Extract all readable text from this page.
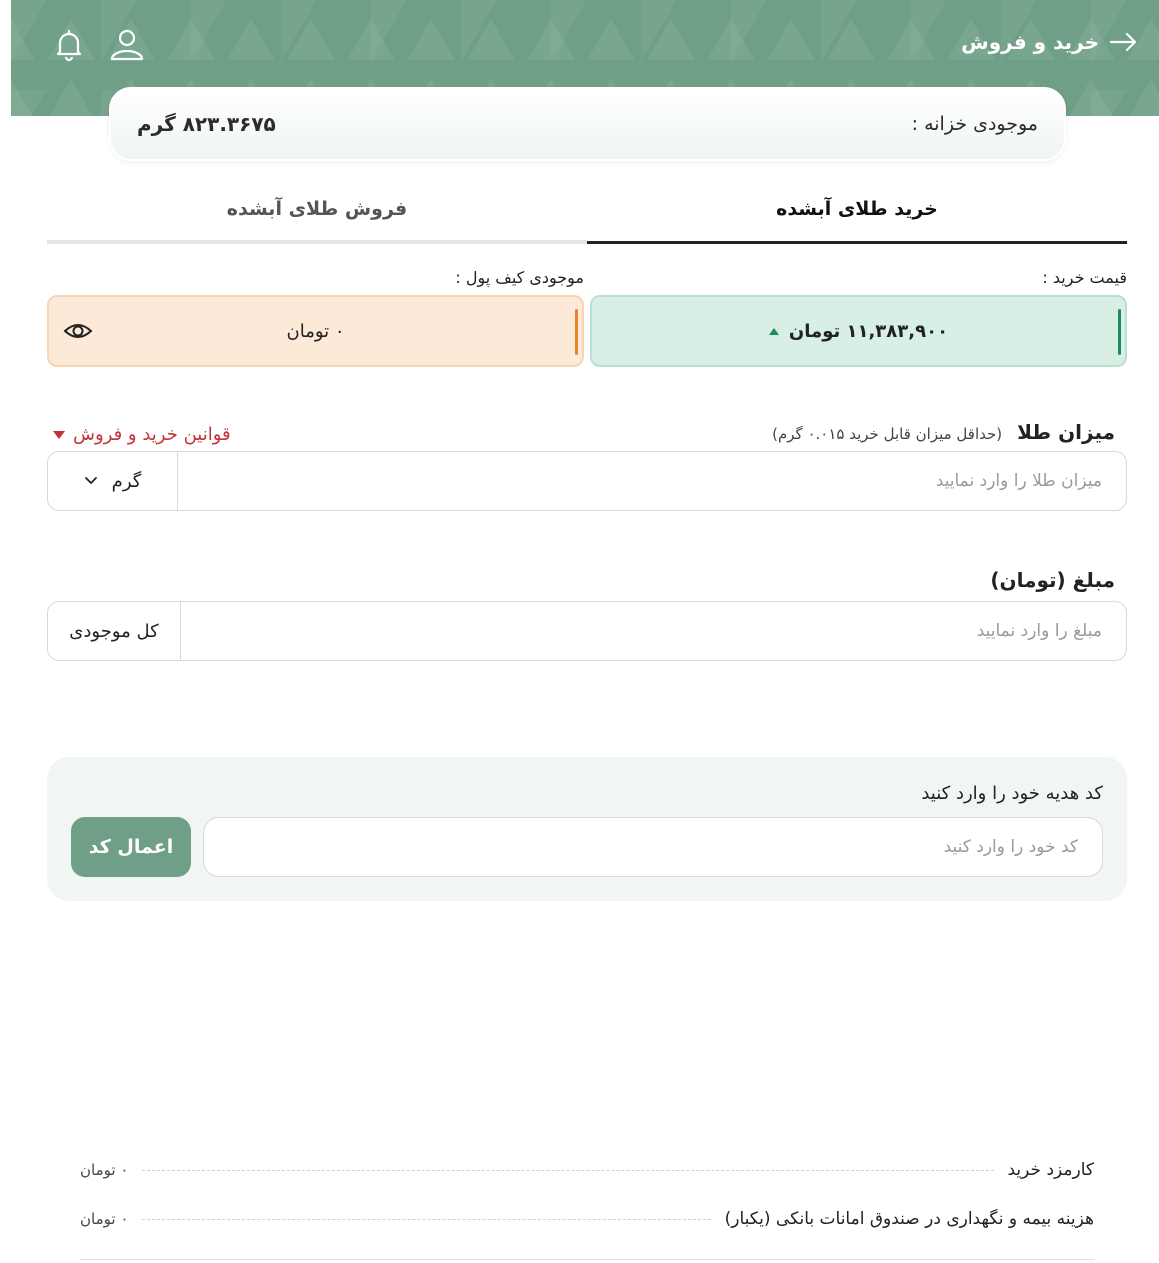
خرید و فروش
موجودی خزانه :
۸۲۳.۳۶۷۵ گرم
خرید طلای آبشده
فروش طلای آبشده
قیمت خرید :
موجودی کیف پول :
۱۱,۳۸۳,۹۰۰ تومان
۰ تومان
میزان طلا (حداقل میزان قابل خرید ۰.۰۱۵ گرم)
قوانین خرید و فروش
میزان طلا را وارد نمایید
گرم
مبلغ (تومان)
مبلغ را وارد نمایید
کل موجودی
کد هدیه خود را وارد کنید
کد خود را وارد کنید
اعمال کد
کارمزد خرید
۰ تومان
هزینه بیمه و نگهداری در صندوق امانات بانکی (یکبار)
۰ تومان
